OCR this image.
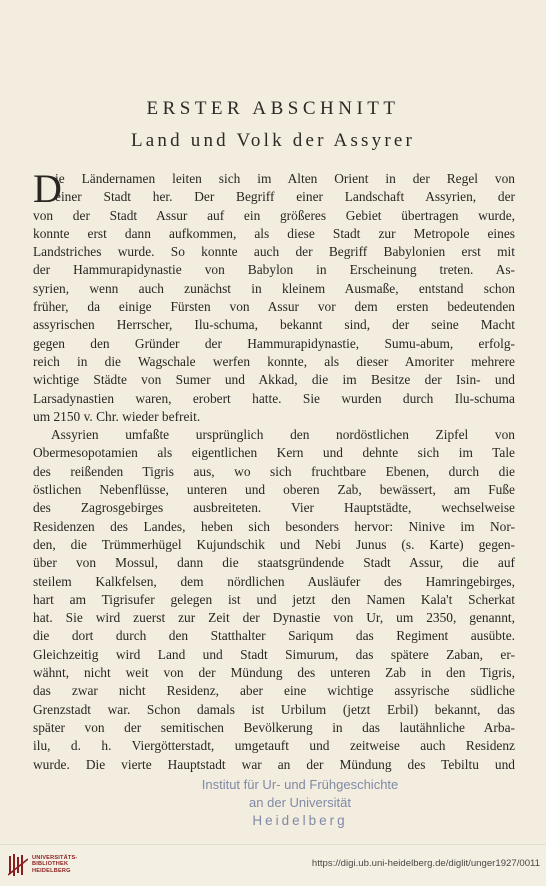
ERSTER ABSCHNITT
Land und Volk der Assyrer
D
ie Ländernamen leiten sich im Alten Orient in der Regel von
einer Stadt her. Der Begriff einer Landschaft Assyrien, der
von der Stadt Assur auf ein größeres Gebiet übertragen wurde,
konnte erst dann aufkommen, als diese Stadt zur Metropole eines
Landstriches wurde. So konnte auch der Begriff Babylonien erst mit
der Hammurapidynastie von Babylon in Erscheinung treten. As-
syrien, wenn auch zunächst in kleinem Ausmaße, entstand schon
früher, da einige Fürsten von Assur vor dem ersten bedeutenden
assyrischen Herrscher, Ilu-schuma, bekannt sind, der seine Macht
gegen den Gründer der Hammurapidynastie, Sumu-abum, erfolg-
reich in die Wagschale werfen konnte, als dieser Amoriter mehrere
wichtige Städte von Sumer und Akkad, die im Besitze der Isin- und
Larsadynastien waren, erobert hatte. Sie wurden durch Ilu-schuma
um 2150 v. Chr. wieder befreit.
Assyrien umfaßte ursprünglich den nordöstlichen Zipfel von
Obermesopotamien als eigentlichen Kern und dehnte sich im Tale
des reißenden Tigris aus, wo sich fruchtbare Ebenen, durch die
östlichen Nebenflüsse, unteren und oberen Zab, bewässert, am Fuße
des Zagrosgebirges ausbreiteten. Vier Hauptstädte, wechselweise
Residenzen des Landes, heben sich besonders hervor: Ninive im Nor-
den, die Trümmerhügel Kujundschik und Nebi Junus (s. Karte) gegen-
über von Mossul, dann die staatsgründende Stadt Assur, die auf
steilem Kalkfelsen, dem nördlichen Ausläufer des Hamringebirges,
hart am Tigrisufer gelegen ist und jetzt den Namen Kala't Scherkat
hat. Sie wird zuerst zur Zeit der Dynastie von Ur, um 2350, genannt,
die dort durch den Statthalter Sariqum das Regiment ausübte.
Gleichzeitig wird Land und Stadt Simurum, das spätere Zaban, er-
wähnt, nicht weit von der Mündung des unteren Zab in den Tigris,
das zwar nicht Residenz, aber eine wichtige assyrische südliche
Grenzstadt war. Schon damals ist Urbilum (jetzt Erbil) bekannt, das
später von der semitischen Bevölkerung in das lautähnliche Arba-
ilu, d. h. Viergötterstadt, umgetauft und zeitweise auch Residenz
wurde. Die vierte Hauptstadt war an der Mündung des Tebiltu und
Institut für Ur- und Frühgeschichte
an der Universität
Heidelberg
UNIVERSITÄTS-
BIBLIOTHEK
HEIDELBERG
https://digi.ub.uni-heidelberg.de/diglit/unger1927/0011
